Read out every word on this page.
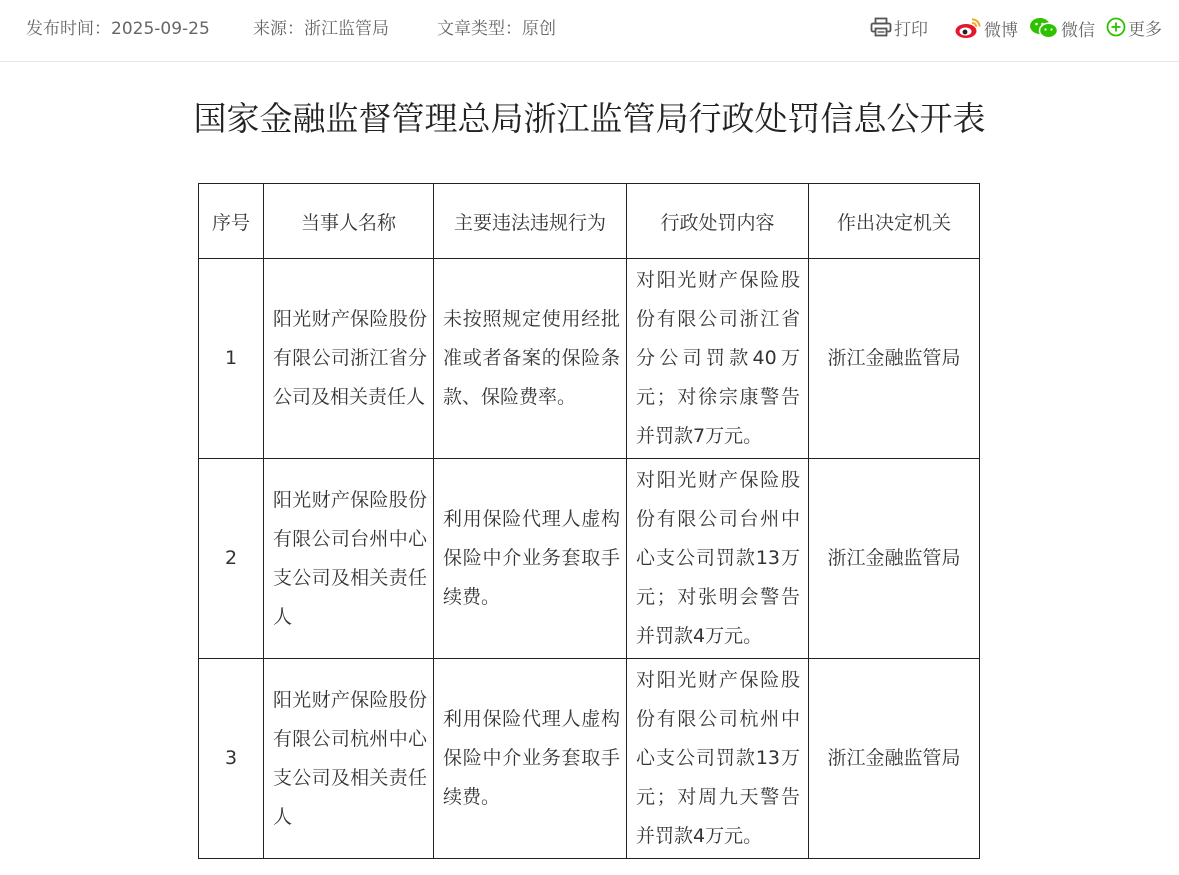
发布时间：2025-09-25	来源：浙江监管局	文章类型：原创	打印	微博	微信 更多
国家金融监督管理总局浙江监管局行政处罚信息公开表
序号	当事人名称	主要违法违规行为	行政处罚内容	作出决定机关
1	阳光财产保险股份有限公司浙江省分公司及相关责任人	未按照规定使用经批准或者备案的保险条款、保险费率。	对阳光财产保险股份有限公司浙江省分公司罚款40万元；对徐宗康警告并罚款7万元。	浙江金融监管局
2	阳光财产保险股份有限公司台州中心支公司及相关责任人	利用保险代理人虚构保险中介业务套取手续费。	对阳光财产保险股份有限公司台州中心支公司罚款13万元；对张明会警告并罚款4万元。	浙江金融监管局
3	阳光财产保险股份有限公司杭州中心支公司及相关责任人	利用保险代理人虚构保险中介业务套取手续费。	对阳光财产保险股份有限公司杭州中心支公司罚款13万元；对周九天警告并罚款4万元。	浙江金融监管局
